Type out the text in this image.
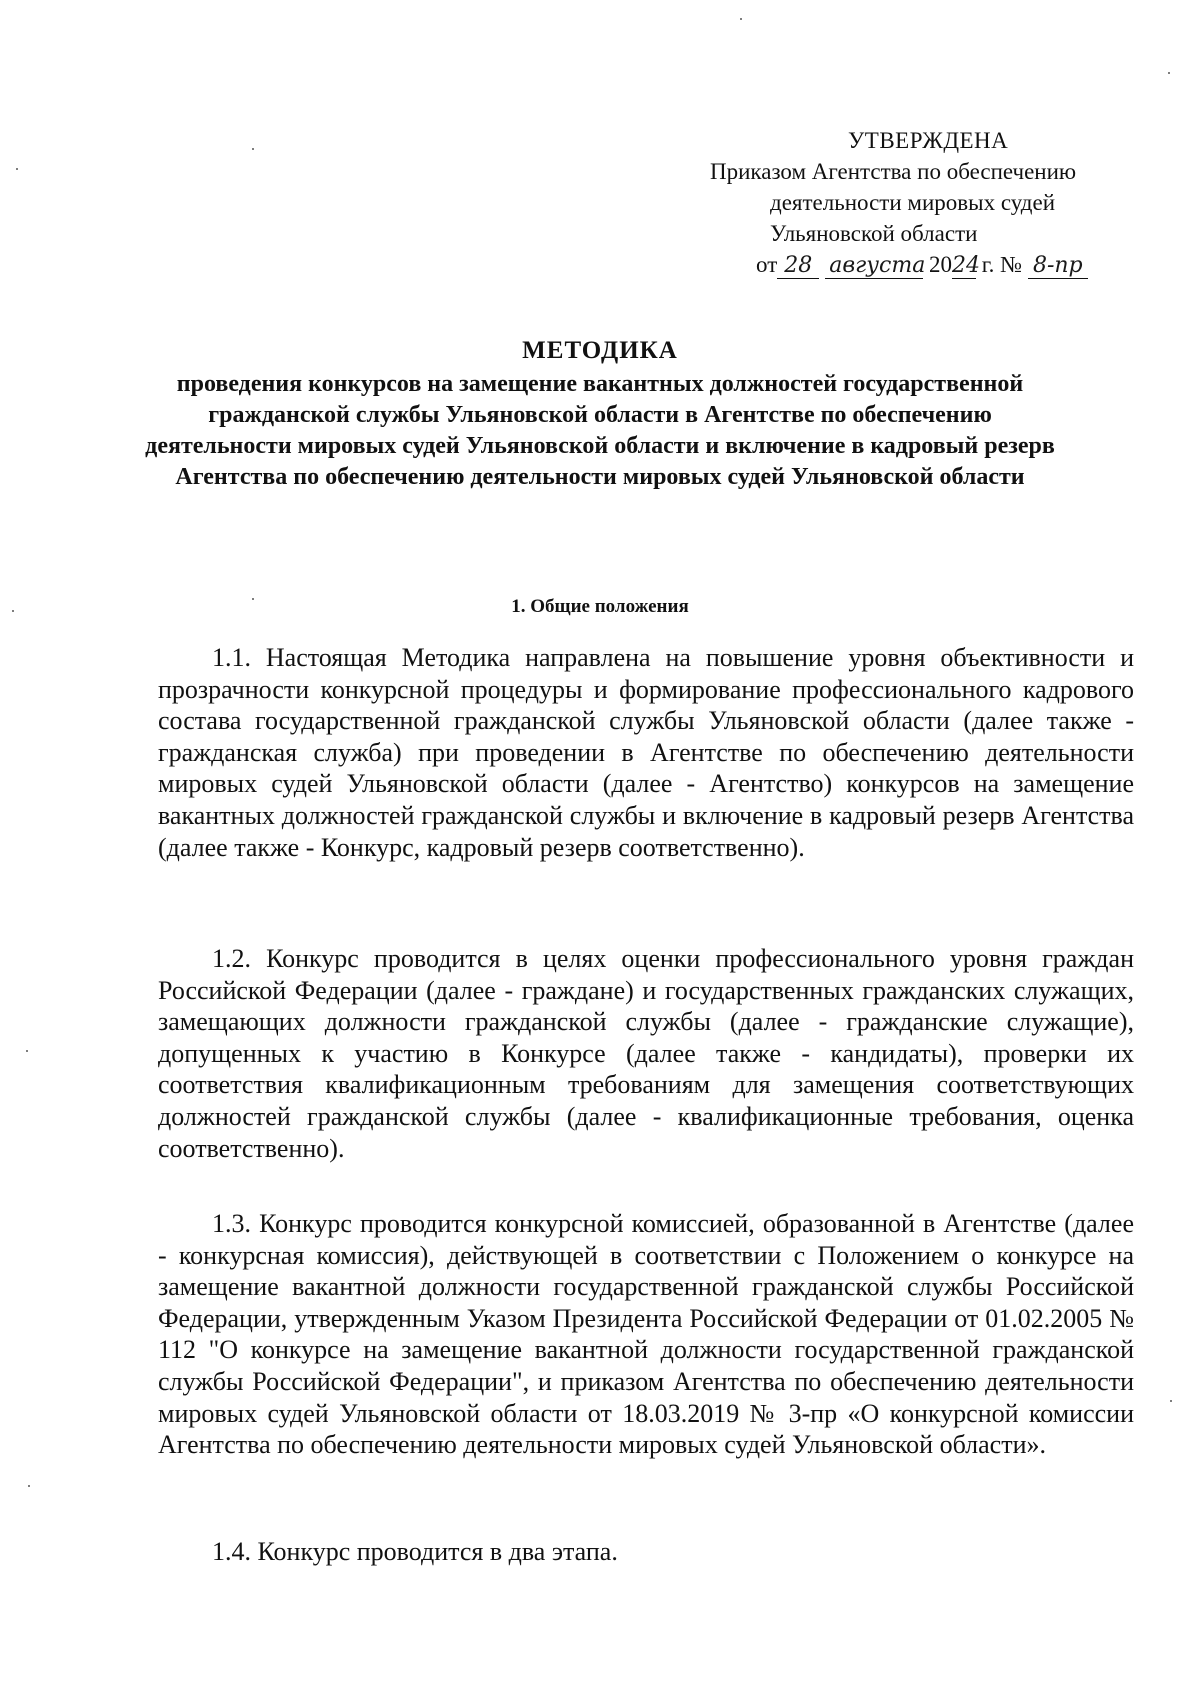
УТВЕРЖДЕНА
Приказом Агентства по обеспечению
деятельности мировых судей
Ульяновской области
от 28 августа 2024 г. № 8-пр
МЕТОДИКА
проведения конкурсов на замещение вакантных должностей государственной гражданской службы Ульяновской области в Агентстве по обеспечению деятельности мировых судей Ульяновской области и включение в кадровый резерв Агентства по обеспечению деятельности мировых судей Ульяновской области
1. Общие положения
1.1. Настоящая Методика направлена на повышение уровня объективности и прозрачности конкурсной процедуры и формирование профессионального кадрового состава государственной гражданской службы Ульяновской области (далее также - гражданская служба) при проведении в Агентстве по обеспечению деятельности мировых судей Ульяновской области (далее - Агентство) конкурсов на замещение вакантных должностей гражданской службы и включение в кадровый резерв Агентства (далее также - Конкурс, кадровый резерв соответственно).
1.2. Конкурс проводится в целях оценки профессионального уровня граждан Российской Федерации (далее - граждане) и государственных гражданских служащих, замещающих должности гражданской службы (далее - гражданские служащие), допущенных к участию в Конкурсе (далее также - кандидаты), проверки их соответствия квалификационным требованиям для замещения соответствующих должностей гражданской службы (далее - квалификационные требования, оценка соответственно).
1.3. Конкурс проводится конкурсной комиссией, образованной в Агентстве (далее - конкурсная комиссия), действующей в соответствии с Положением о конкурсе на замещение вакантной должности государственной гражданской службы Российской Федерации, утвержденным Указом Президента Российской Федерации от 01.02.2005 № 112 "О конкурсе на замещение вакантной должности государственной гражданской службы Российской Федерации", и приказом Агентства по обеспечению деятельности мировых судей Ульяновской области от 18.03.2019 № 3-пр «О конкурсной комиссии Агентства по обеспечению деятельности мировых судей Ульяновской области».
1.4. Конкурс проводится в два этапа.
